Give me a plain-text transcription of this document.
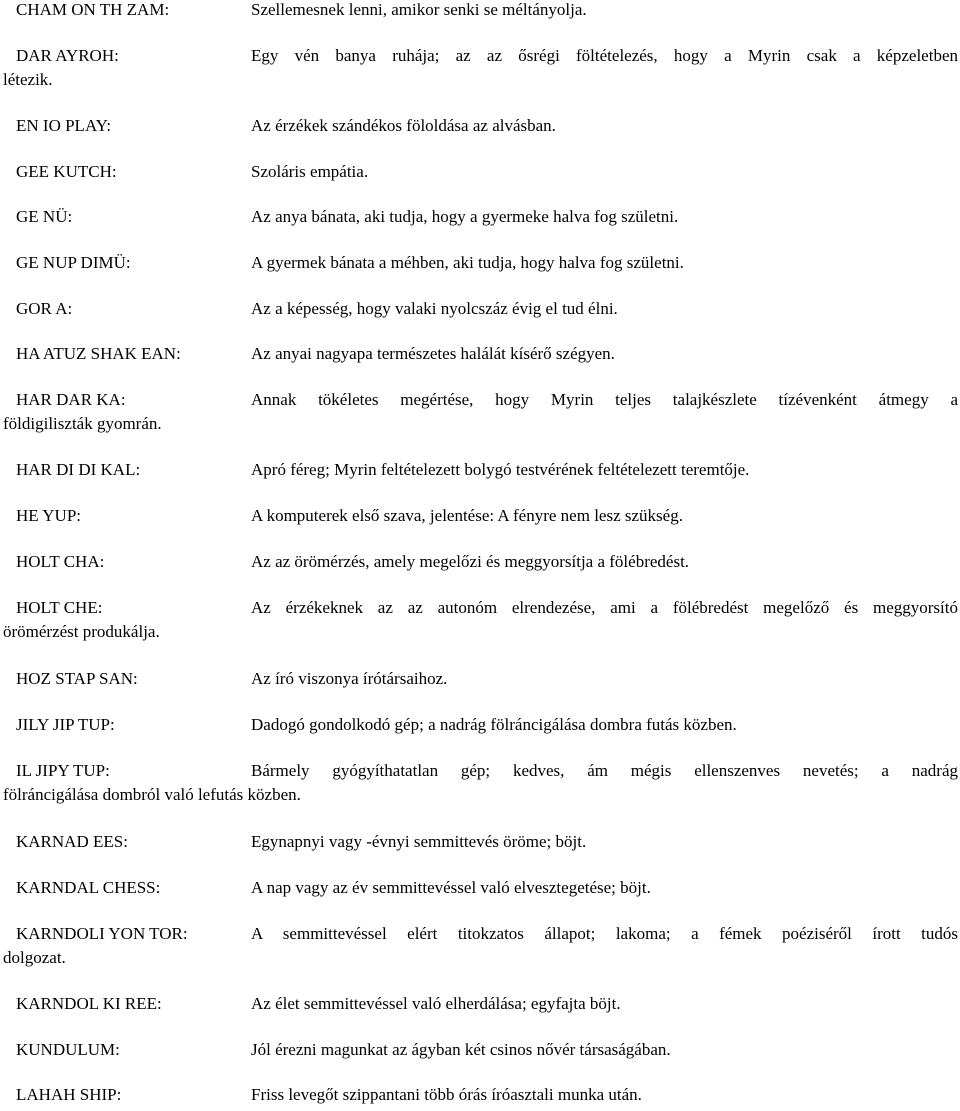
CHAM ON TH ZAM:	Szellemesnek lenni, amikor senki se méltányolja.
DAR AYROH:	Egy vén banya ruhája; az az ősrégi föltételezés, hogy a Myrin csak a képzeletben
létezik.
EN IO PLAY:	Az érzékek szándékos föloldása az alvásban.
GEE KUTCH:	Szoláris empátia.
GE NÜ:	Az anya bánata, aki tudja, hogy a gyermeke halva fog születni.
GE NUP DIMÜ:	A gyermek bánata a méhben, aki tudja, hogy halva fog születni.
GOR A:	Az a képesség, hogy valaki nyolcszáz évig el tud élni.
HA ATUZ SHAK EAN:	Az anyai nagyapa természetes halálát kísérő szégyen.
HAR DAR KA:	Annak tökéletes megértése, hogy Myrin teljes talajkészlete tízévenként átmegy a
földigiliszták gyomrán.
HAR DI DI KAL:	Apró féreg; Myrin feltételezett bolygó testvérének feltételezett teremtője.
HE YUP:	A komputerek első szava, jelentése: A fényre nem lesz szükség.
HOLT CHA:	Az az örömérzés, amely megelőzi és meggyorsítja a fölébredést.
HOLT CHE:	Az érzékeknek az az autonóm elrendezése, ami a fölébredést megelőző és meggyorsító
örömérzést produkálja.
HOZ STAP SAN:	Az író viszonya írótársaihoz.
JILY JIP TUP:	Dadogó gondolkodó gép; a nadrág fölráncigálása dombra futás közben.
IL JIPY TUP:	Bármely gyógyíthatatlan gép; kedves, ám mégis ellenszenves nevetés; a nadrág
fölráncigálása dombról való lefutás közben.
KARNAD EES:	Egynapnyi vagy -évnyi semmittevés öröme; böjt.
KARNDAL CHESS:	A nap vagy az év semmittevéssel való elvesztegetése; böjt.
KARNDOLI YON TOR:	A semmittevéssel elért titokzatos állapot; lakoma; a fémek poéziséről írott tudós
dolgozat.
KARNDOL KI REE:	Az élet semmittevéssel való elherdálása; egyfajta böjt.
KUNDULUM:	Jól érezni magunkat az ágyban két csinos nővér társaságában.
LAHAH SHIP:	Friss levegőt szippantani több órás íróasztali munka után.
